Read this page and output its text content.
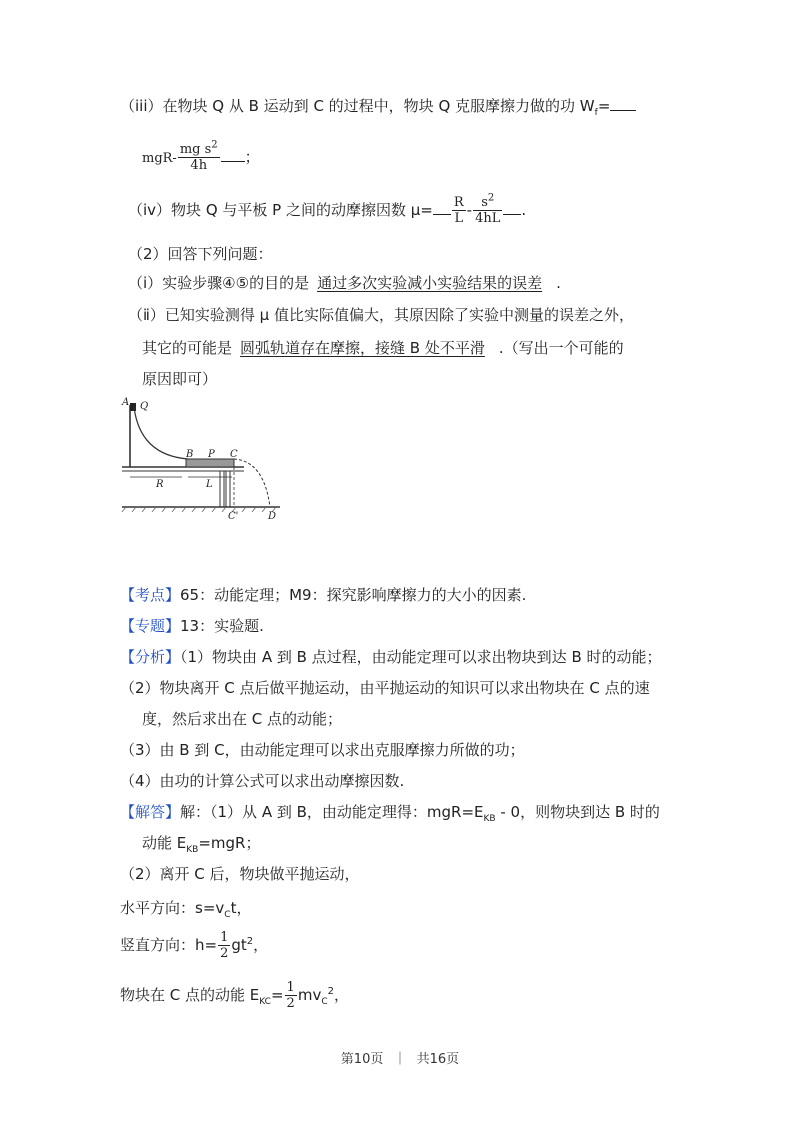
（iii）在物块 Q 从 B 运动到 C 的过程中，物块 Q 克服摩擦力做的功 $W_f=$
$mgR- \frac{mg s^2}{4h}$ ；
（iv）物块 Q 与平板 P 之间的动摩擦因数 $\mu= \frac{R}{L} - \frac{s^2}{4hL}$ .
（2）回答下列问题：
（ⅰ）实验步骤④⑤的目的是 通过多次实验减小实验结果的误差 .
（ⅱ）已知实验测得 μ 值比实际值偏大，其原因除了实验中测量的误差之外，
其它的可能是 圆弧轨道存在摩擦，接缝 B 处不平滑 .（写出一个可能的
原因即可）
A Q
B P C
R	L
C'	D
【考点】65：动能定理；M9：探究影响摩擦力的大小的因素.
【专题】13：实验题.
【分析】（1）物块由 A 到 B 点过程，由动能定理可以求出物块到达 B 时的动能；
（2）物块离开 C 点后做平抛运动，由平抛运动的知识可以求出物块在 C 点的速
度，然后求出在 C 点的动能；
（3）由 B 到 C，由动能定理可以求出克服摩擦力所做的功；
（4）由功的计算公式可以求出动摩擦因数.
【解答】解：（1）从 A 到 B，由动能定理得：$mgR=E_{KB} - 0$，则物块到达 B 时的
动能 $E_{KB}=mgR$；
（2）离开 C 后，物块做平抛运动，
水平方向：$s=v_Ct$，
竖直方向：$h= \frac{1}{2} gt^2$，
物块在 C 点的动能 $E_{KC}= \frac{1}{2} mv_C^2$，
第10页 ｜ 共16页
